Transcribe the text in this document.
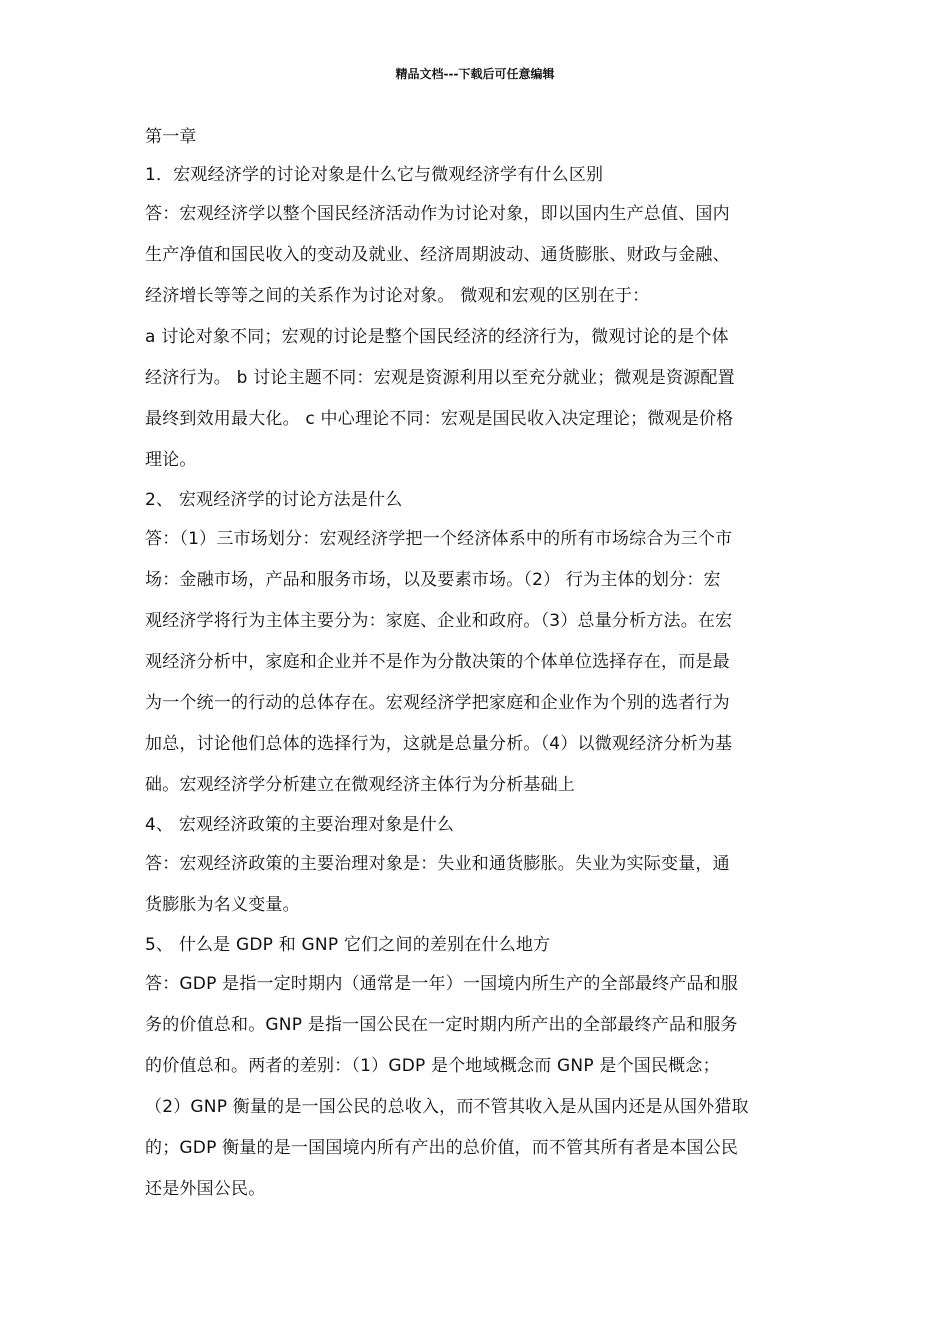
精品文档---下载后可任意编辑
第一章
1．宏观经济学的讨论对象是什么它与微观经济学有什么区别
答：宏观经济学以整个国民经济活动作为讨论对象，即以国内生产总值、国内
生产净值和国民收入的变动及就业、经济周期波动、通货膨胀、财政与金融、
经济增长等等之间的关系作为讨论对象。 微观和宏观的区别在于：
a 讨论对象不同；宏观的讨论是整个国民经济的经济行为，微观讨论的是个体
经济行为。 b 讨论主题不同：宏观是资源利用以至充分就业；微观是资源配置
最终到效用最大化。 c 中心理论不同：宏观是国民收入决定理论；微观是价格
理论。
2、 宏观经济学的讨论方法是什么
答：（1）三市场划分：宏观经济学把一个经济体系中的所有市场综合为三个市
场：金融市场，产品和服务市场，以及要素市场。（2） 行为主体的划分：宏
观经济学将行为主体主要分为：家庭、企业和政府。（3）总量分析方法。在宏
观经济分析中，家庭和企业并不是作为分散决策的个体单位选择存在，而是最
为一个统一的行动的总体存在。宏观经济学把家庭和企业作为个别的选者行为
加总，讨论他们总体的选择行为，这就是总量分析。（4）以微观经济分析为基
础。宏观经济学分析建立在微观经济主体行为分析基础上
4、 宏观经济政策的主要治理对象是什么
答：宏观经济政策的主要治理对象是：失业和通货膨胀。失业为实际变量，通
货膨胀为名义变量。
5、 什么是 GDP 和 GNP 它们之间的差别在什么地方
答：GDP 是指一定时期内（通常是一年）一国境内所生产的全部最终产品和服
务的价值总和。GNP 是指一国公民在一定时期内所产出的全部最终产品和服务
的价值总和。两者的差别：（1）GDP 是个地域概念而 GNP 是个国民概念；
（2）GNP 衡量的是一国公民的总收入，而不管其收入是从国内还是从国外猎取
的；GDP 衡量的是一国国境内所有产出的总价值，而不管其所有者是本国公民
还是外国公民。
